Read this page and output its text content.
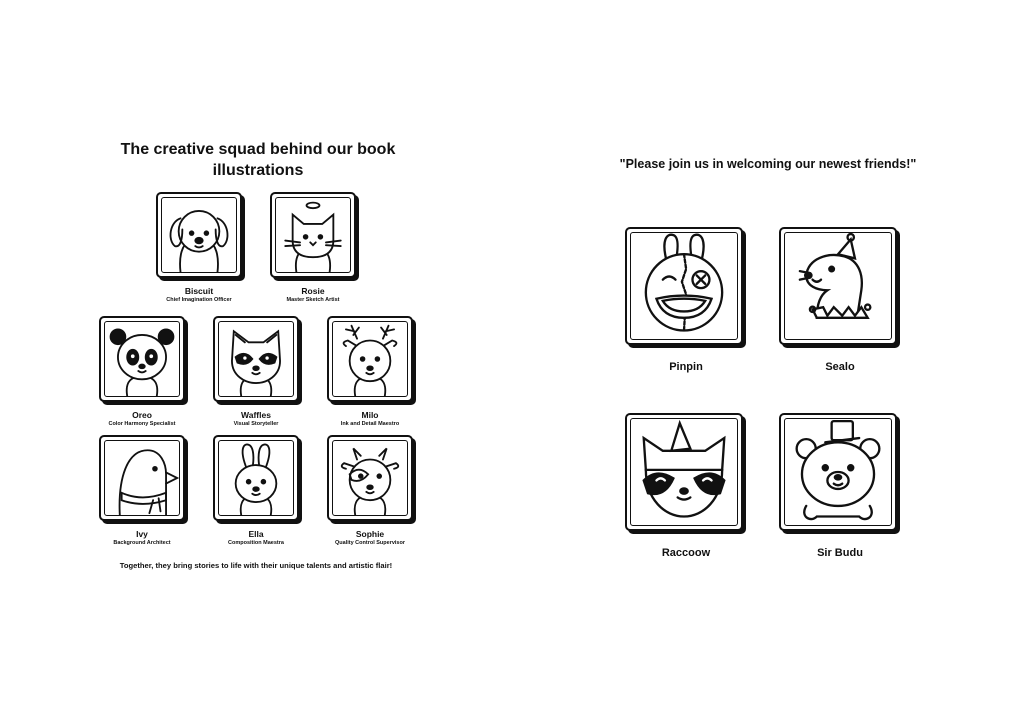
The creative squad behind our book illustrations
Biscuit
Chief Imagination Officer
Rosie
Master Sketch Artist
Oreo
Color Harmony Specialist
Waffles
Visual Storyteller
Milo
Ink and Detail Maestro
Ivy
Background Architect
Ella
Composition Maestra
Sophie
Quality Control Supervisor
Together, they bring stories to life with their unique talents and artistic flair!
"Please join us in welcoming our newest friends!"
Pinpin	Sealo
Raccoow	Sir Budu
